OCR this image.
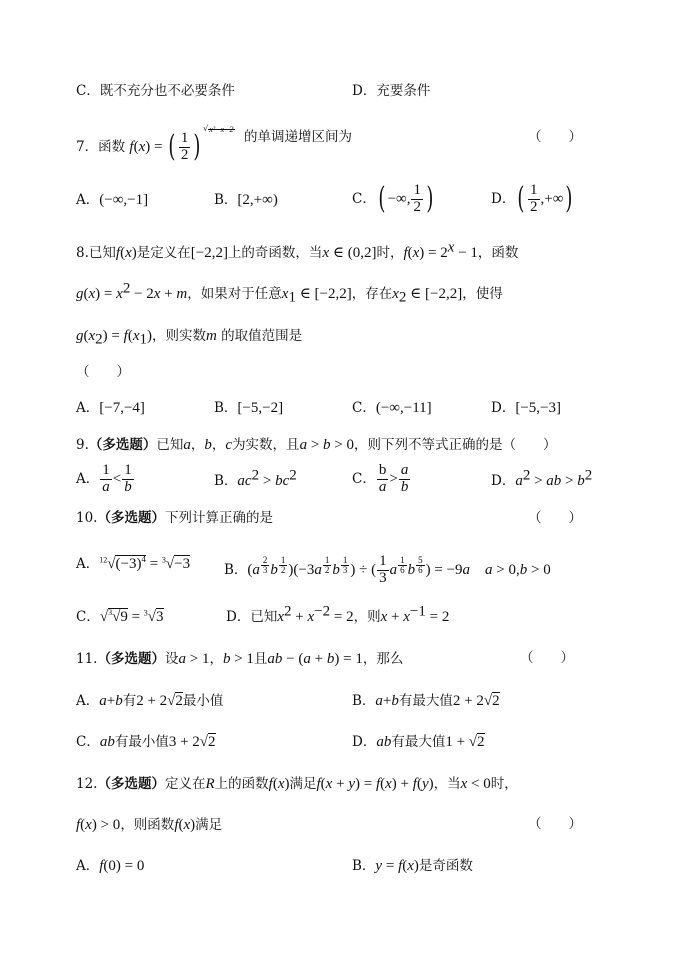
C．既不充分也不必要条件	D．充要条件
7．函数 f(x) = ( $\frac{1}{2}$ )
$^{√ x^2-x-2}$ 的单调递增区间为	（　　）
A．(−∞,−1]	B．[2,+∞)	C．( −∞, $\frac{1}{2}$ )	D．( $\frac{1}{2}$ ,+∞)
8.已知f(x)是定义在[−2,2]上的奇函数，当x ∈ (0,2]时，$f(x) = 2^x - 1$，函数
$g(x) = x^2 - 2x + m$，如果对于任意$x_1$ ∈ [−2,2]，存在$x_2$ ∈ [−2,2]，使得
$g(x_2) = f(x_1)$，则实数m 的取值范围是
（　　）
A．[−7,−4]	B．[−5,−2]	C．(−∞,−11]	D．[−5,−3]
9.（多选题）已知a，b，c为实数，且a > b > 0，则下列不等式正确的是（　　）
A． $\frac{1}{a} < \frac{1}{b}$	B．$ac^2 > bc^2$	C． $\frac{b}{a} > \frac{a}{b}$	D．$a^2$ > ab > $b^2$
10.（多选题）下列计算正确的是	（　　）
A．$^{12}√(-3)^4 = ^3√-3$	B．(a $^{\frac{2}{3}}$ b $^{\frac{1}{2}}$ )(−3a $^{\frac{1}{2}}$ b $^{\frac{1}{3}}$ ) ÷ ( $\frac{1}{3}$ a $^{\frac{1}{6}}$ b $^{\frac{5}{6}}$ ) = −9a　 a > 0,b > 0
C．√$^3$√9 = $^3$√3	D．已知$x^2 + x^{-2} = 2$，则$x + x^{-1} = 2$
11.（多选题）设a > 1，b > 1且ab − (a + b) = 1，那么	（　　）
A．a+b有2 + 2√2最小值	B．a+b有最大值2 + 2√2
C．ab有最小值3 + 2√2	D．ab有最大值1 + √2
12.（多选题）定义在R上的函数f(x)满足f(x + y) = f(x) + f(y)，当x < 0时，
f(x) > 0，则函数f(x)满足	（　　）
A．f(0) = 0	B．y = f(x)是奇函数
